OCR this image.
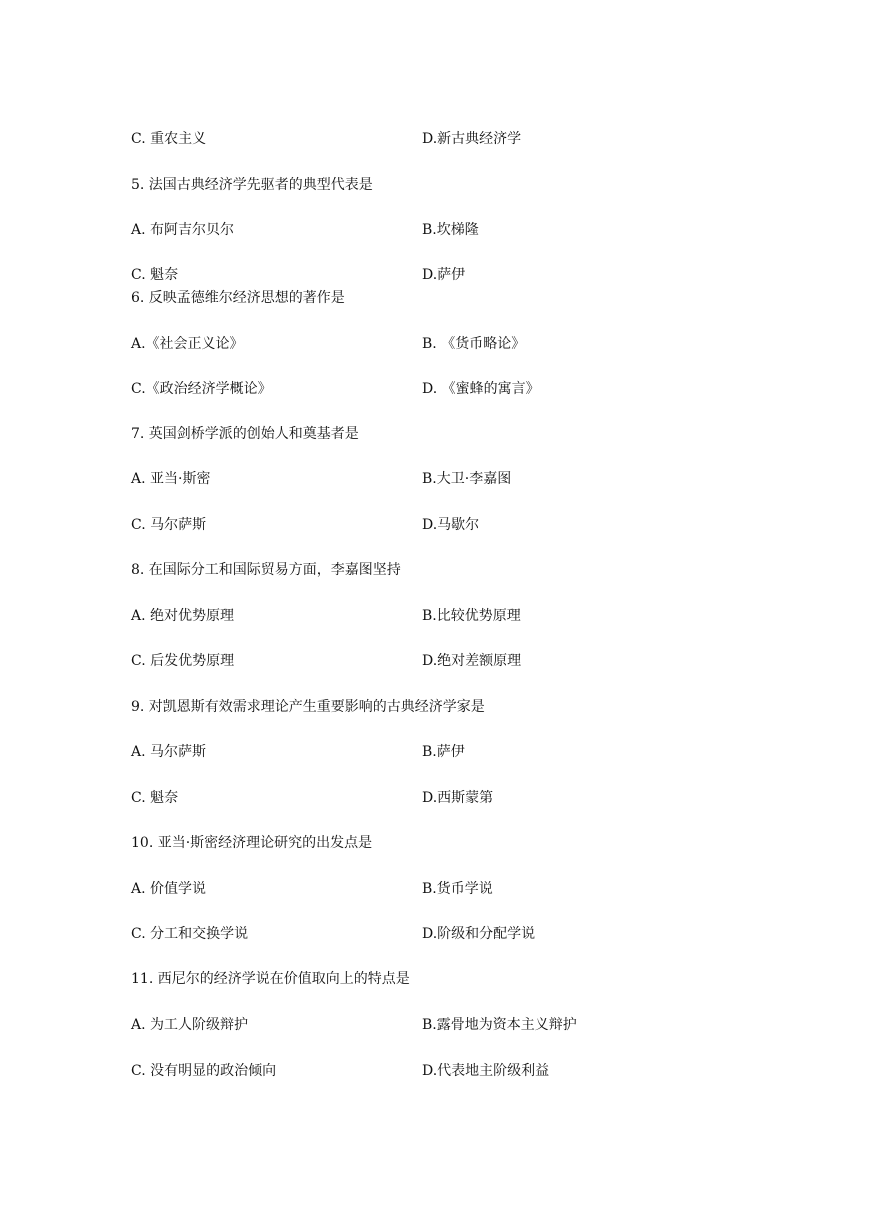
C. 重农主义	D.新古典经济学
5. 法国古典经济学先驱者的典型代表是
A. 布阿吉尔贝尔	B.坎梯隆
C. 魁奈	D.萨伊
6. 反映孟德维尔经济思想的著作是
A.《社会正义论》	B. 《货币略论》
C.《政治经济学概论》	D. 《蜜蜂的寓言》
7. 英国剑桥学派的创始人和奠基者是
A. 亚当·斯密	B.大卫·李嘉图
C. 马尔萨斯	D.马歇尔
8. 在国际分工和国际贸易方面，李嘉图坚持
A. 绝对优势原理	B.比较优势原理
C. 后发优势原理	D.绝对差额原理
9. 对凯恩斯有效需求理论产生重要影响的古典经济学家是
A. 马尔萨斯	B.萨伊
C. 魁奈	D.西斯蒙第
10. 亚当·斯密经济理论研究的出发点是
A. 价值学说	B.货币学说
C. 分工和交换学说	D.阶级和分配学说
11. 西尼尔的经济学说在价值取向上的特点是
A. 为工人阶级辩护	B.露骨地为资本主义辩护
C. 没有明显的政治倾向	D.代表地主阶级利益
